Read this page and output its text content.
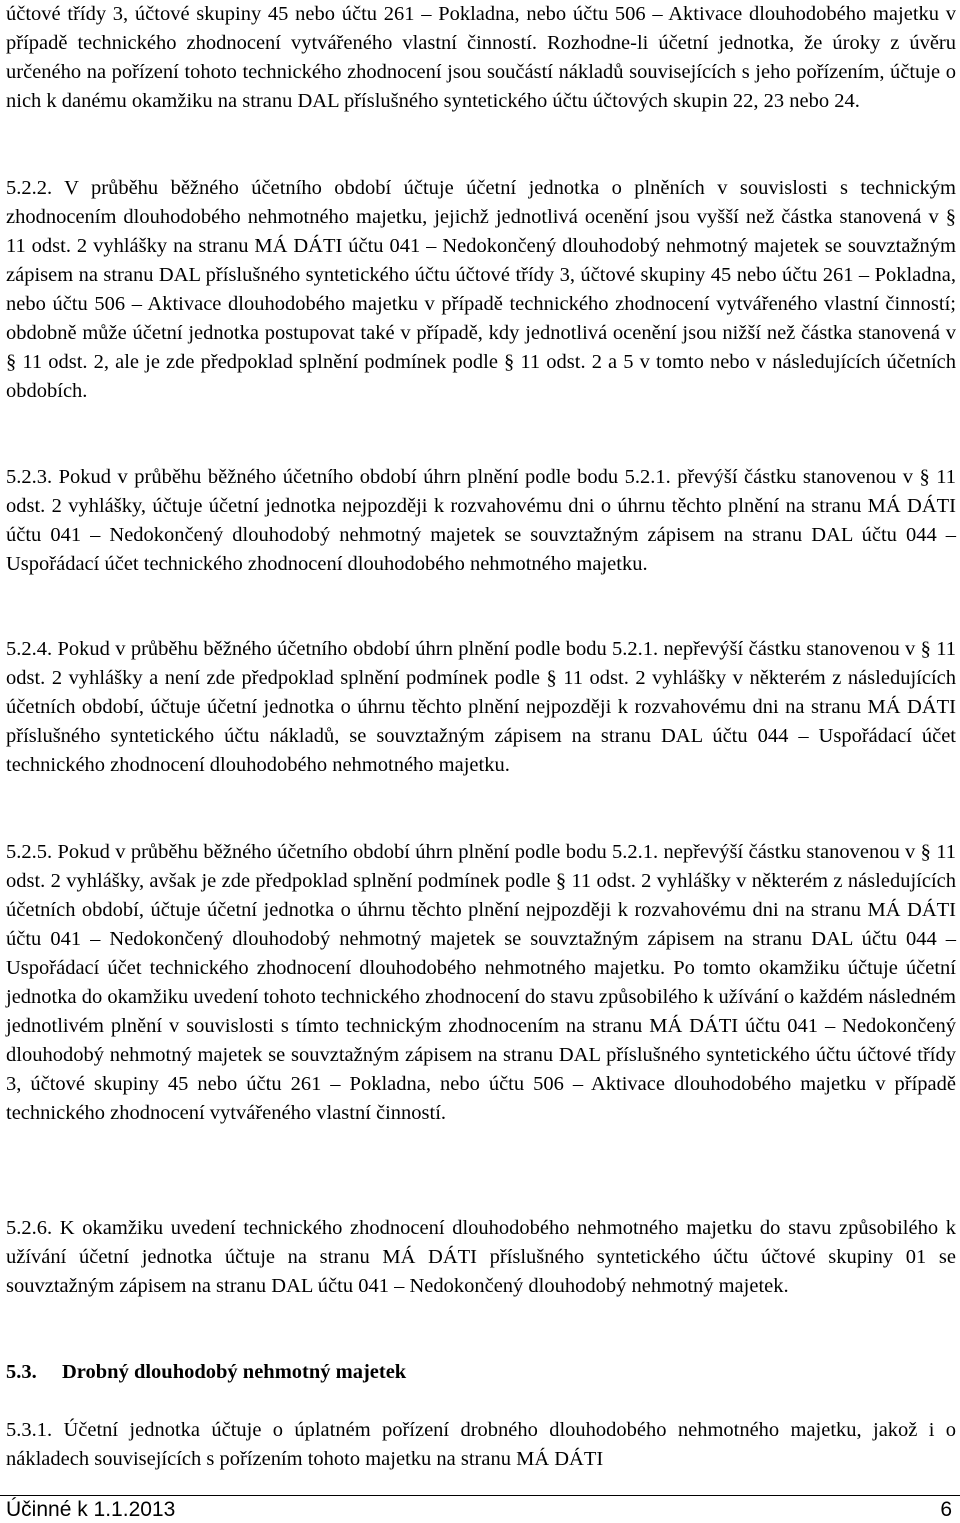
účtové třídy 3, účtové skupiny 45 nebo účtu 261 – Pokladna, nebo účtu 506 – Aktivace dlouhodobého majetku v případě technického zhodnocení vytvářeného vlastní činností. Rozhodne-li účetní jednotka, že úroky z úvěru určeného na pořízení tohoto technického zhodnocení jsou součástí nákladů souvisejících s jeho pořízením, účtuje o nich k danému okamžiku na stranu DAL příslušného syntetického účtu účtových skupin 22, 23 nebo 24.

5.2.2. V průběhu běžného účetního období účtuje účetní jednotka o plněních v souvislosti s technickým zhodnocením dlouhodobého nehmotného majetku, jejichž jednotlivá ocenění jsou vyšší než částka stanovená v § 11 odst. 2 vyhlášky na stranu MÁ DÁTI účtu 041 – Nedokončený dlouhodobý nehmotný majetek se souvztažným zápisem na stranu DAL příslušného syntetického účtu účtové třídy 3, účtové skupiny 45 nebo účtu 261 – Pokladna, nebo účtu 506 – Aktivace dlouhodobého majetku v případě technického zhodnocení vytvářeného vlastní činností; obdobně může účetní jednotka postupovat také v případě, kdy jednotlivá ocenění jsou nižší než částka stanovená v § 11 odst. 2, ale je zde předpoklad splnění podmínek podle § 11 odst. 2 a 5 v tomto nebo v následujících účetních obdobích.

5.2.3. Pokud v průběhu běžného účetního období úhrn plnění podle bodu 5.2.1. převýší částku stanovenou v § 11 odst. 2 vyhlášky, účtuje účetní jednotka nejpozději k rozvahovému dni o úhrnu těchto plnění na stranu MÁ DÁTI účtu 041 – Nedokončený dlouhodobý nehmotný majetek se souvztažným zápisem na stranu DAL účtu 044 – Uspořádací účet technického zhodnocení dlouhodobého nehmotného majetku.

5.2.4. Pokud v průběhu běžného účetního období úhrn plnění podle bodu 5.2.1. nepřevýší částku stanovenou v § 11 odst. 2 vyhlášky a není zde předpoklad splnění podmínek podle § 11 odst. 2 vyhlášky v některém z následujících účetních období, účtuje účetní jednotka o úhrnu těchto plnění nejpozději k rozvahovému dni na stranu MÁ DÁTI příslušného syntetického účtu nákladů, se souvztažným zápisem na stranu DAL účtu 044 – Uspořádací účet technického zhodnocení dlouhodobého nehmotného majetku.

5.2.5. Pokud v průběhu běžného účetního období úhrn plnění podle bodu 5.2.1. nepřevýší částku stanovenou v § 11 odst. 2 vyhlášky, avšak je zde předpoklad splnění podmínek podle § 11 odst. 2 vyhlášky v některém z následujících účetních období, účtuje účetní jednotka o úhrnu těchto plnění nejpozději k rozvahovému dni na stranu MÁ DÁTI účtu 041 – Nedokončený dlouhodobý nehmotný majetek se souvztažným zápisem na stranu DAL účtu 044 – Uspořádací účet technického zhodnocení dlouhodobého nehmotného majetku. Po tomto okamžiku účtuje účetní jednotka do okamžiku uvedení tohoto technického zhodnocení do stavu způsobilého k užívání o každém následném jednotlivém plnění v souvislosti s tímto technickým zhodnocením na stranu MÁ DÁTI účtu 041 – Nedokončený dlouhodobý nehmotný majetek se souvztažným zápisem na stranu DAL příslušného syntetického účtu účtové třídy 3, účtové skupiny 45 nebo účtu 261 – Pokladna, nebo účtu 506 – Aktivace dlouhodobého majetku v případě technického zhodnocení vytvářeného vlastní činností.

5.2.6. K okamžiku uvedení technického zhodnocení dlouhodobého nehmotného majetku do stavu způsobilého k užívání účetní jednotka účtuje na stranu MÁ DÁTI příslušného syntetického účtu účtové skupiny 01 se souvztažným zápisem na stranu DAL účtu 041 – Nedokončený dlouhodobý nehmotný majetek.

5.3. Drobný dlouhodobý nehmotný majetek

5.3.1. Účetní jednotka účtuje o úplatném pořízení drobného dlouhodobého nehmotného majetku, jakož i o nákladech souvisejících s pořízením tohoto majetku na stranu MÁ DÁTI

Účinné k 1.1.2013	6
